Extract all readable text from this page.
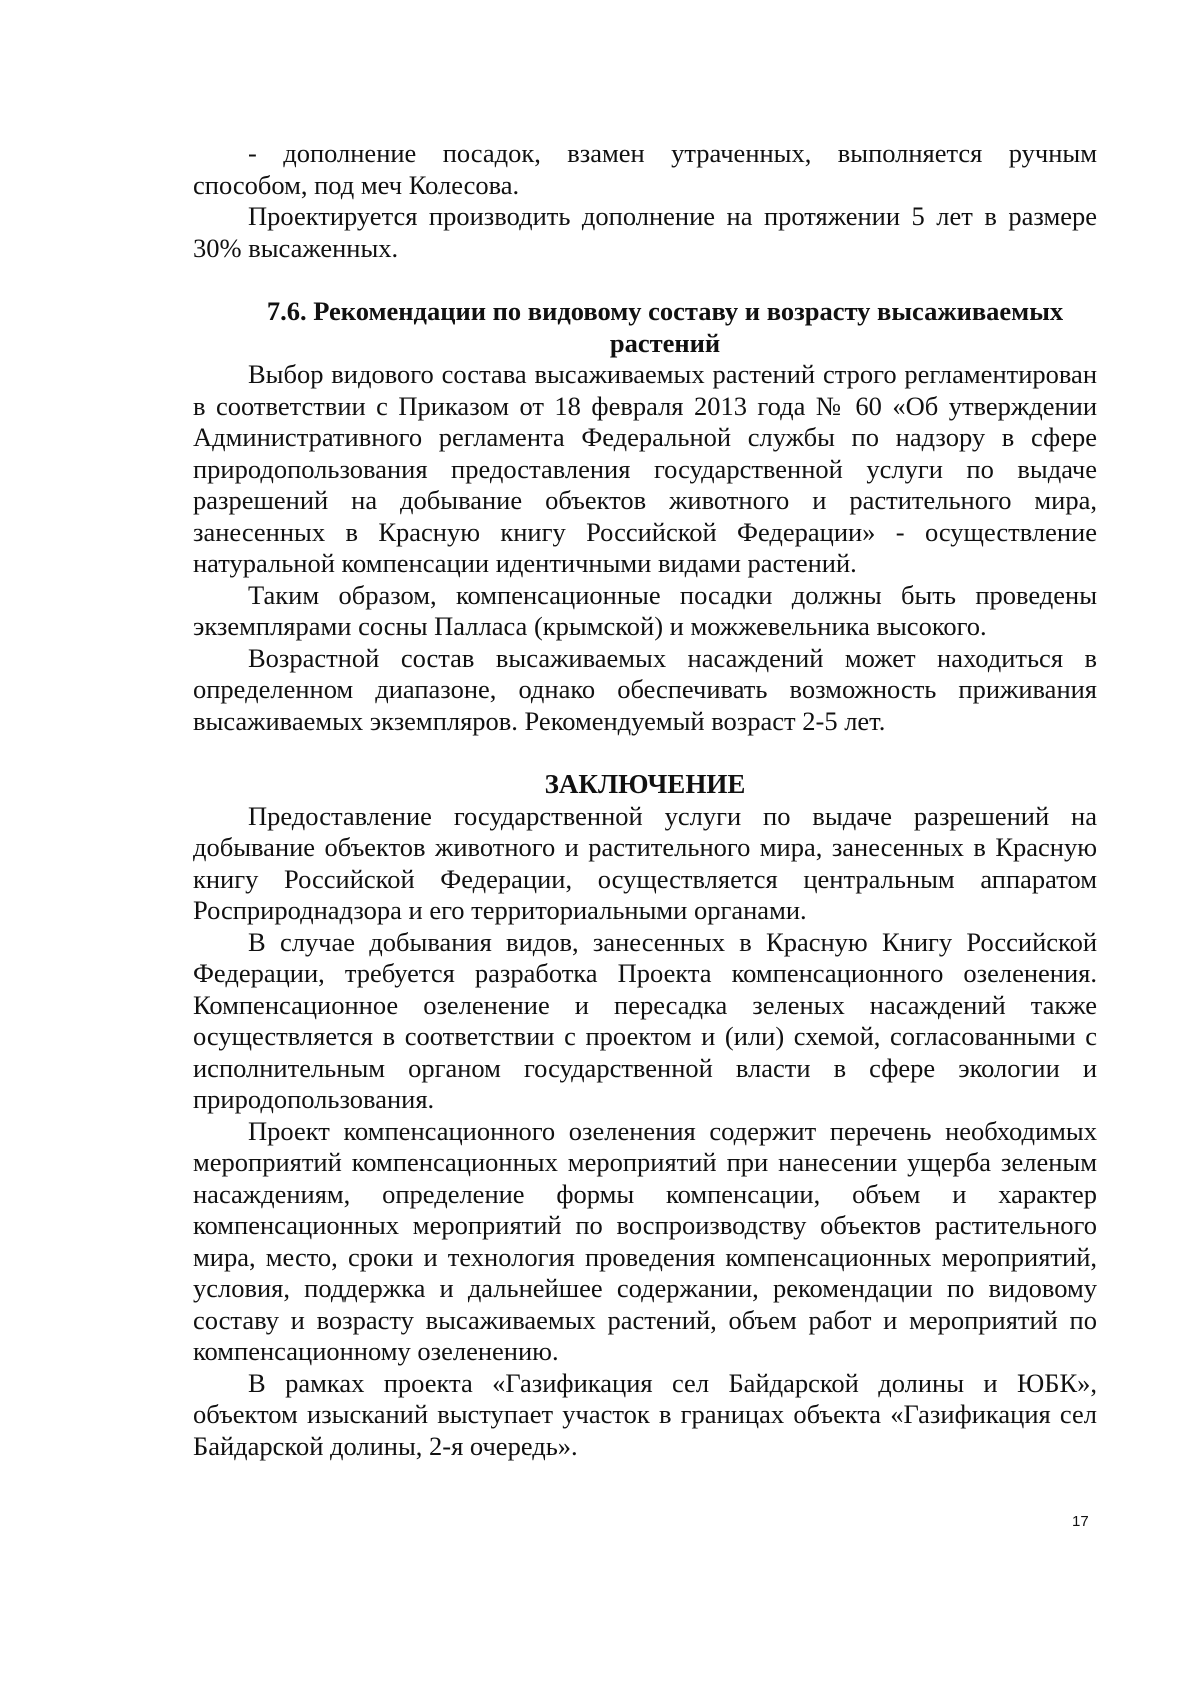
- дополнение посадок, взамен утраченных, выполняется ручным способом, под меч Колесова.

Проектируется производить дополнение на протяжении 5 лет в размере 30% высаженных.

7.6. Рекомендации по видовому составу и возрасту высаживаемых растений

Выбор видового состава высаживаемых растений строго регламентирован в соответствии с Приказом от 18 февраля 2013 года № 60 «Об утверждении Административного регламента Федеральной службы по надзору в сфере природопользования предоставления государственной услуги по выдаче разрешений на добывание объектов животного и растительного мира, занесенных в Красную книгу Российской Федерации» - осуществление натуральной компенсации идентичными видами растений.

Таким образом, компенсационные посадки должны быть проведены экземплярами сосны Палласа (крымской) и можжевельника высокого.

Возрастной состав высаживаемых насаждений может находиться в определенном диапазоне, однако обеспечивать возможность приживания высаживаемых экземпляров. Рекомендуемый возраст 2-5 лет.

ЗАКЛЮЧЕНИЕ

Предоставление государственной услуги по выдаче разрешений на добывание объектов животного и растительного мира, занесенных в Красную книгу Российской Федерации, осуществляется центральным аппаратом Росприроднадзора и его территориальными органами.

В случае добывания видов, занесенных в Красную Книгу Российской Федерации, требуется разработка Проекта компенсационного озеленения. Компенсационное озеленение и пересадка зеленых насаждений также осуществляется в соответствии с проектом и (или) схемой, согласованными с исполнительным органом государственной власти в сфере экологии и природопользования.

Проект компенсационного озеленения содержит перечень необходимых мероприятий компенсационных мероприятий при нанесении ущерба зеленым насаждениям, определение формы компенсации, объем и характер компенсационных мероприятий по воспроизводству объектов растительного мира, место, сроки и технология проведения компенсационных мероприятий, условия, поддержка и дальнейшее содержании, рекомендации по видовому составу и возрасту высаживаемых растений, объем работ и мероприятий по компенсационному озеленению.

В рамках проекта «Газификация сел Байдарской долины и ЮБК», объектом изысканий выступает участок в границах объекта «Газификация сел Байдарской долины, 2-я очередь».

17
